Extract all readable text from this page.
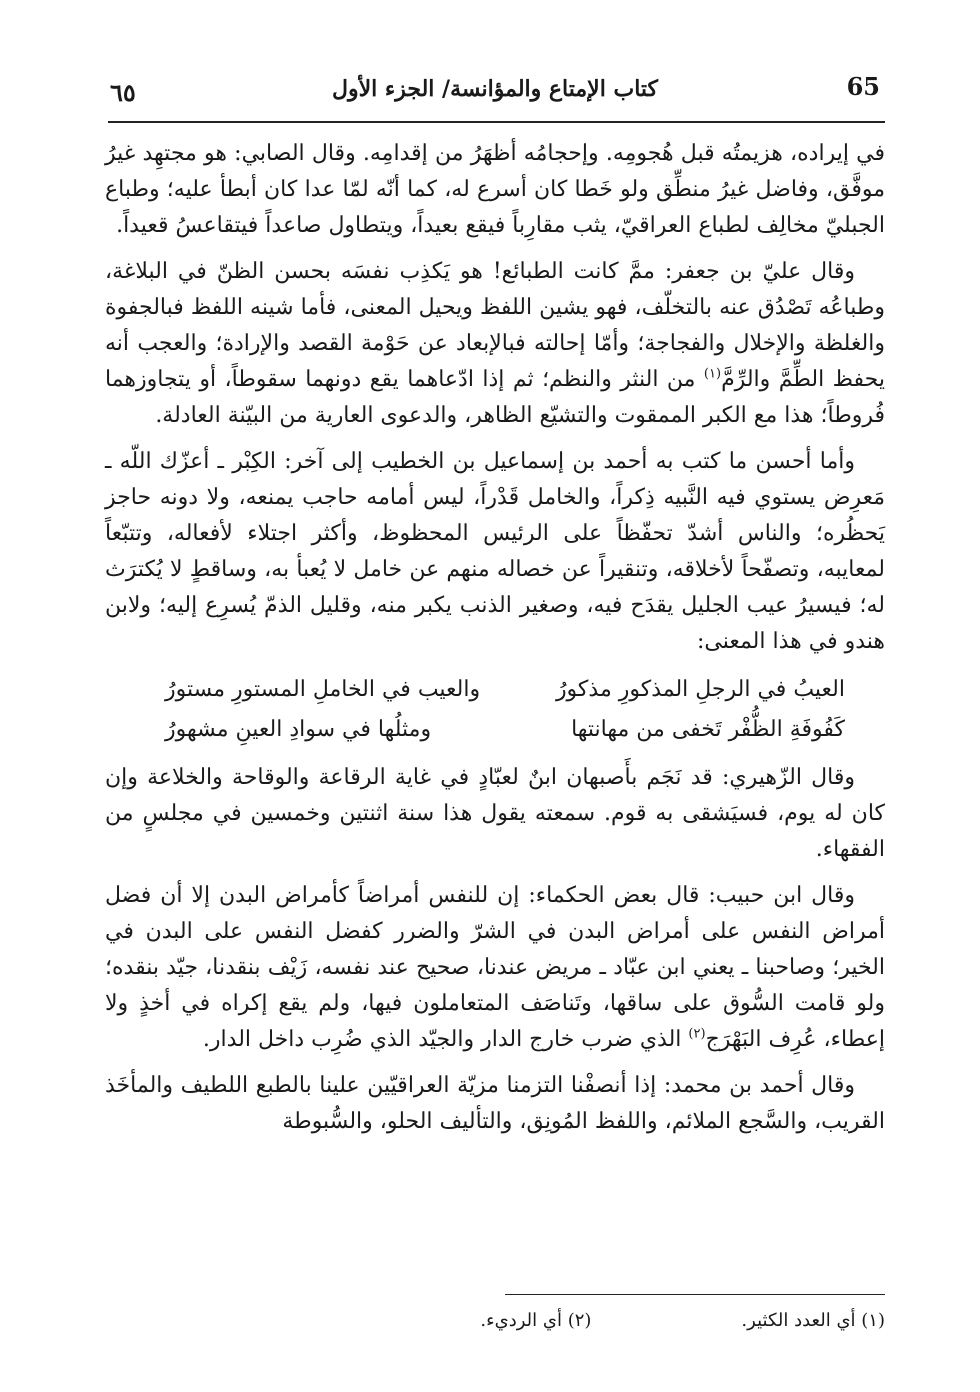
65
كتاب الإمتاع والمؤانسة/ الجزء الأول
٦٥

في إيراده، هزيمتُه قبل هُجومِه. وإحجامُه أظهَرُ من إقدامِه. وقال الصابي: هو مجتهِد غيرُ موفَّق، وفاضل غيرُ منطِّق ولو خَطا كان أسرع له، كما أنّه لمّا عدا كان أبطأ عليه؛ وطباع الجبليّ مخالِف لطباع العراقيّ، يثب مقارِباً فيقع بعيداً، ويتطاول صاعداً فيتقاعسُ قعيداً.

وقال عليّ بن جعفر: ممَّ كانت الطبائع! هو يَكذِب نفسَه بحسن الظنّ في البلاغة، وطباعُه تَصْدُق عنه بالتخلّف، فهو يشين اللفظ ويحيل المعنى، فأما شينه اللفظ فبالجفوة والغلظة والإخلال والفجاجة؛ وأمّا إحالته فبالإبعاد عن حَوْمة القصد والإرادة؛ والعجب أنه يحفظ الطِّمَّ والرِّمَّ$^{(١)}$ من النثر والنظم؛ ثم إذا ادّعاهما يقع دونهما سقوطاً، أو يتجاوزهما فُروطاً؛ هذا مع الكبر الممقوت والتشيّع الظاهر، والدعوى العارية من البيّنة العادلة.

وأما أحسن ما كتب به أحمد بن إسماعيل بن الخطيب إلى آخر: الكِبْر ـ أعزّك اللّه ـ مَعرِض يستوي فيه النَّبيه ذِكراً، والخامل قَدْراً، ليس أمامه حاجب يمنعه، ولا دونه حاجز يَحظُره؛ والناس أشدّ تحفّظاً على الرئيس المحظوظ، وأكثر اجتلاء لأفعاله، وتتبّعاً لمعايبه، وتصفّحاً لأخلاقه، وتنقيراً عن خصاله منهم عن خامل لا يُعبأ به، وساقطٍ لا يُكترَث له؛ فيسيرُ عيب الجليل يقدَح فيه، وصغير الذنب يكبر منه، وقليل الذمّ يُسرِع إليه؛ ولابن هندو في هذا المعنى:

العيبُ في الرجلِ المذكورِ مذكورُ
والعيب في الخاملِ المستورِ مستورُ
كَفُوفَةِ الظُّفْر تَخفى من مهانتها
ومثلُها في سوادِ العينِ مشهورُ

وقال الزّهيري: قد نَجَم بأَصبهان ابنٌ لعبّادٍ في غاية الرقاعة والوقاحة والخلاعة وإن كان له يوم، فسيَشقى به قوم. سمعته يقول هذا سنة اثنتين وخمسين في مجلسٍ من الفقهاء.

وقال ابن حبيب: قال بعض الحكماء: إن للنفس أمراضاً كأمراض البدن إلا أن فضل أمراض النفس على أمراض البدن في الشرّ والضرر كفضل النفس على البدن في الخير؛ وصاحبنا ـ يعني ابن عبّاد ـ مريض عندنا، صحيح عند نفسه، زَيْف بنقدنا، جيّد بنقده؛ ولو قامت السُّوق على ساقها، وتَناصَف المتعاملون فيها، ولم يقع إكراه في أخذٍ ولا إعطاء، عُرِف البَهْرَج$^{(٢)}$ الذي ضرب خارج الدار والجيّد الذي ضُرِب داخل الدار.

وقال أحمد بن محمد: إذا أنصفْنا التزمنا مزيّة العراقيّين علينا بالطبع اللطيف والمأخَذ القريب، والسَّجع الملائم، واللفظ المُونِق، والتأليف الحلو، والسُّبوطة

(١) أي العدد الكثير.
(٢) أي الرديء.
